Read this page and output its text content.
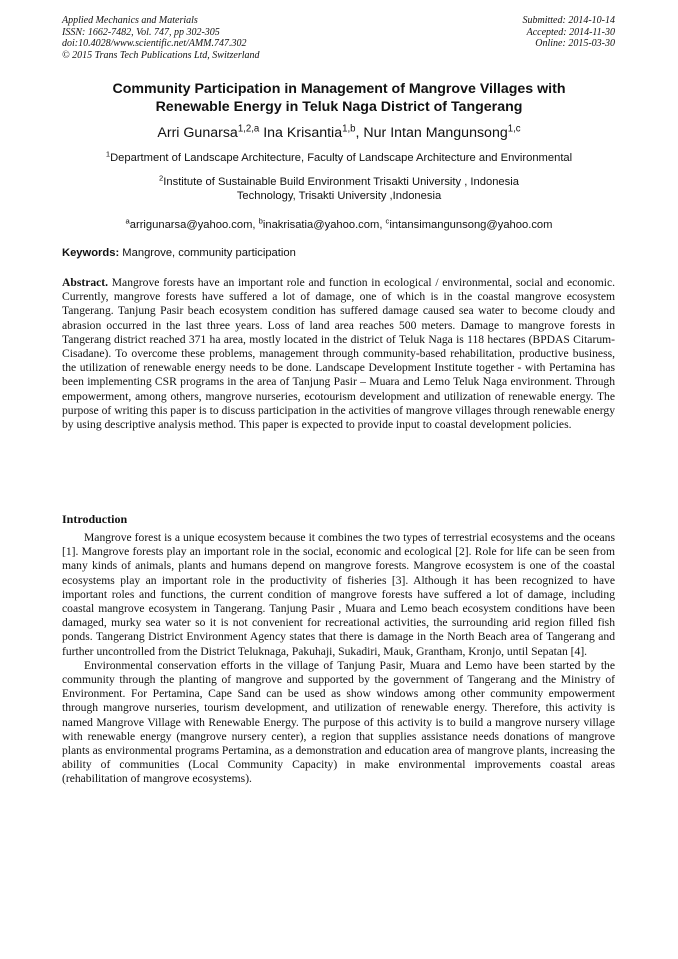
Applied Mechanics and Materials
ISSN: 1662-7482, Vol. 747, pp 302-305
doi:10.4028/www.scientific.net/AMM.747.302
© 2015 Trans Tech Publications Ltd, Switzerland
Submitted: 2014-10-14
Accepted: 2014-11-30
Online: 2015-03-30
Community Participation in Management of Mangrove Villages with
Renewable Energy in Teluk Naga District of Tangerang
Arri Gunarsa$^{1,2,a}$ Ina Krisantia$^{1,b}$, Nur Intan Mangunsong$^{1,c}$
$^1$Department of Landscape Architecture, Faculty of Landscape Architecture and Environmental
$^2$Institute of Sustainable Build Environment Trisakti University , Indonesia
Technology, Trisakti University ,Indonesia
$^a$arrigunarsa@yahoo.com, $^b$inakrisatia@yahoo.com, $^c$intansimangunsong@yahoo.com
Keywords: Mangrove, community participation
Abstract. Mangrove forests have an important role and function in ecological / environmental, social and economic. Currently, mangrove forests have suffered a lot of damage, one of which is in the coastal mangrove ecosystem Tangerang. Tanjung Pasir beach ecosystem condition has suffered damage caused sea water to become cloudy and abrasion occurred in the last three years. Loss of land area reaches 500 meters. Damage to mangrove forests in Tangerang district reached 371 ha area, mostly located in the district of Teluk Naga is 118 hectares (BPDAS Citarum-Cisadane). To overcome these problems, management through community-based rehabilitation, productive business, the utilization of renewable energy needs to be done. Landscape Development Institute together - with Pertamina has been implementing CSR programs in the area of Tanjung Pasir – Muara and Lemo Teluk Naga environment. Through empowerment, among others, mangrove nurseries, ecotourism development and utilization of renewable energy. The purpose of writing this paper is to discuss participation in the activities of mangrove villages through renewable energy by using descriptive analysis method. This paper is expected to provide input to coastal development policies.
Introduction

Mangrove forest is a unique ecosystem because it combines the two types of terrestrial ecosystems and the oceans [1]. Mangrove forests play an important role in the social, economic and ecological [2]. Role for life can be seen from many kinds of animals, plants and humans depend on mangrove forests. Mangrove ecosystem is one of the coastal ecosystems play an important role in the productivity of fisheries [3]. Although it has been recognized to have important roles and functions, the current condition of mangrove forests have suffered a lot of damage, including coastal mangrove ecosystem in Tangerang. Tanjung Pasir , Muara and Lemo beach ecosystem conditions have been damaged, murky sea water so it is not convenient for recreational activities, the surrounding arid region filled fish ponds. Tangerang District Environment Agency states that there is damage in the North Beach area of Tangerang and further uncontrolled from the District Teluknaga, Pakuhaji, Sukadiri, Mauk, Grantham, Kronjo, until Sepatan [4].

Environmental conservation efforts in the village of Tanjung Pasir, Muara and Lemo have been started by the community through the planting of mangrove and supported by the government of Tangerang and the Ministry of Environment. For Pertamina, Cape Sand can be used as show windows among other community empowerment through mangrove nurseries, tourism development, and utilization of renewable energy. Therefore, this activity is named Mangrove Village with Renewable Energy. The purpose of this activity is to build a mangrove nursery village with renewable energy (mangrove nursery center), a region that supplies assistance needs donations of mangrove plants as environmental programs Pertamina, as a demonstration and education area of mangrove plants, increasing the ability of communities (Local Community Capacity) in make environmental improvements coastal areas (rehabilitation of mangrove ecosystems).
